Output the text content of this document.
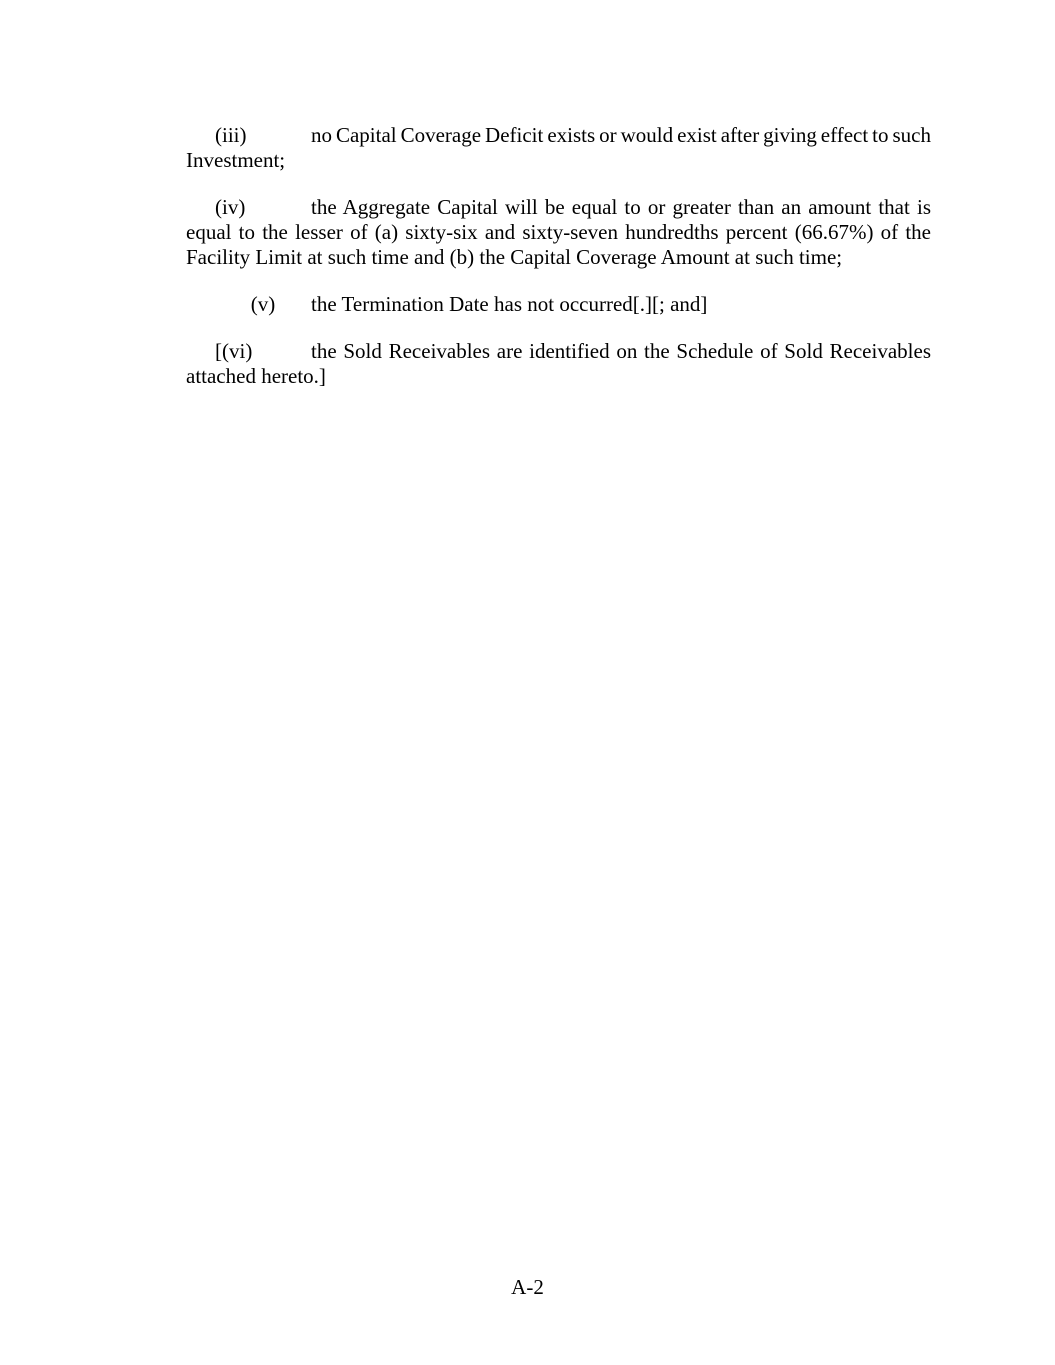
(iii)	no Capital Coverage Deficit exists or would exist after giving effect to such
Investment;
(iv)	the Aggregate Capital will be equal to or greater than an amount that is
equal to the lesser of (a) sixty-six and sixty-seven hundredths percent (66.67%) of the
Facility Limit at such time and (b) the Capital Coverage Amount at such time;
(v) the Termination Date has not occurred[.][; and]
[(vi)	the Sold Receivables are identified on the Schedule of Sold Receivables
attached hereto.]
A-2
